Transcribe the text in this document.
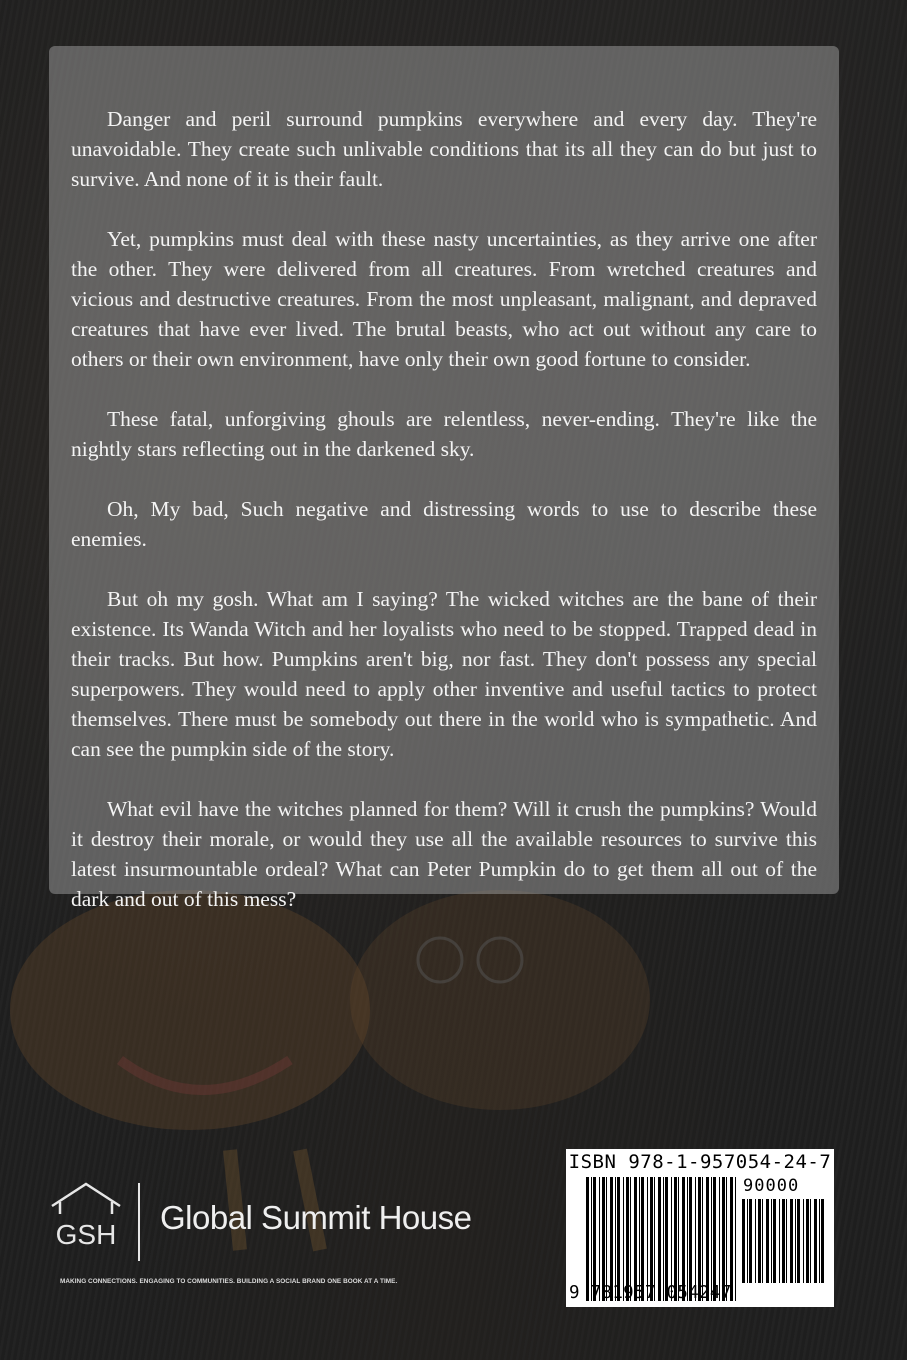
Danger and peril surround pumpkins everywhere and every day. They're unavoidable. They create such unlivable conditions that its all they can do but just to survive. And none of it is their fault.

Yet, pumpkins must deal with these nasty uncertainties, as they arrive one after the other. They were delivered from all creatures. From wretched creatures and vicious and destructive creatures. From the most unpleasant, malignant, and depraved creatures that have ever lived. The brutal beasts, who act out without any care to others or their own environment, have only their own good fortune to consider.

These fatal, unforgiving ghouls are relentless, never-ending. They're like the nightly stars reflecting out in the darkened sky.

Oh, My bad, Such negative and distressing words to use to describe these enemies.

But oh my gosh. What am I saying? The wicked witches are the bane of their existence. Its Wanda Witch and her loyalists who need to be stopped. Trapped dead in their tracks. But how. Pumpkins aren't big, nor fast. They don't possess any special superpowers. They would need to apply other inventive and useful tactics to protect themselves. There must be somebody out there in the world who is sympathetic. And can see the pumpkin side of the story.

What evil have the witches planned for them? Will it crush the pumpkins? Would it destroy their morale, or would they use all the available resources to survive this latest insurmountable ordeal? What can Peter Pumpkin do to get them all out of the dark and out of this mess?

GSH Global Summit House
MAKING CONNECTIONS. ENGAGING TO COMMUNITIES. BUILDING A SOCIAL BRAND ONE BOOK AT A TIME.
ISBN 978-1-957054-24-7
90000
9 781957 054247
